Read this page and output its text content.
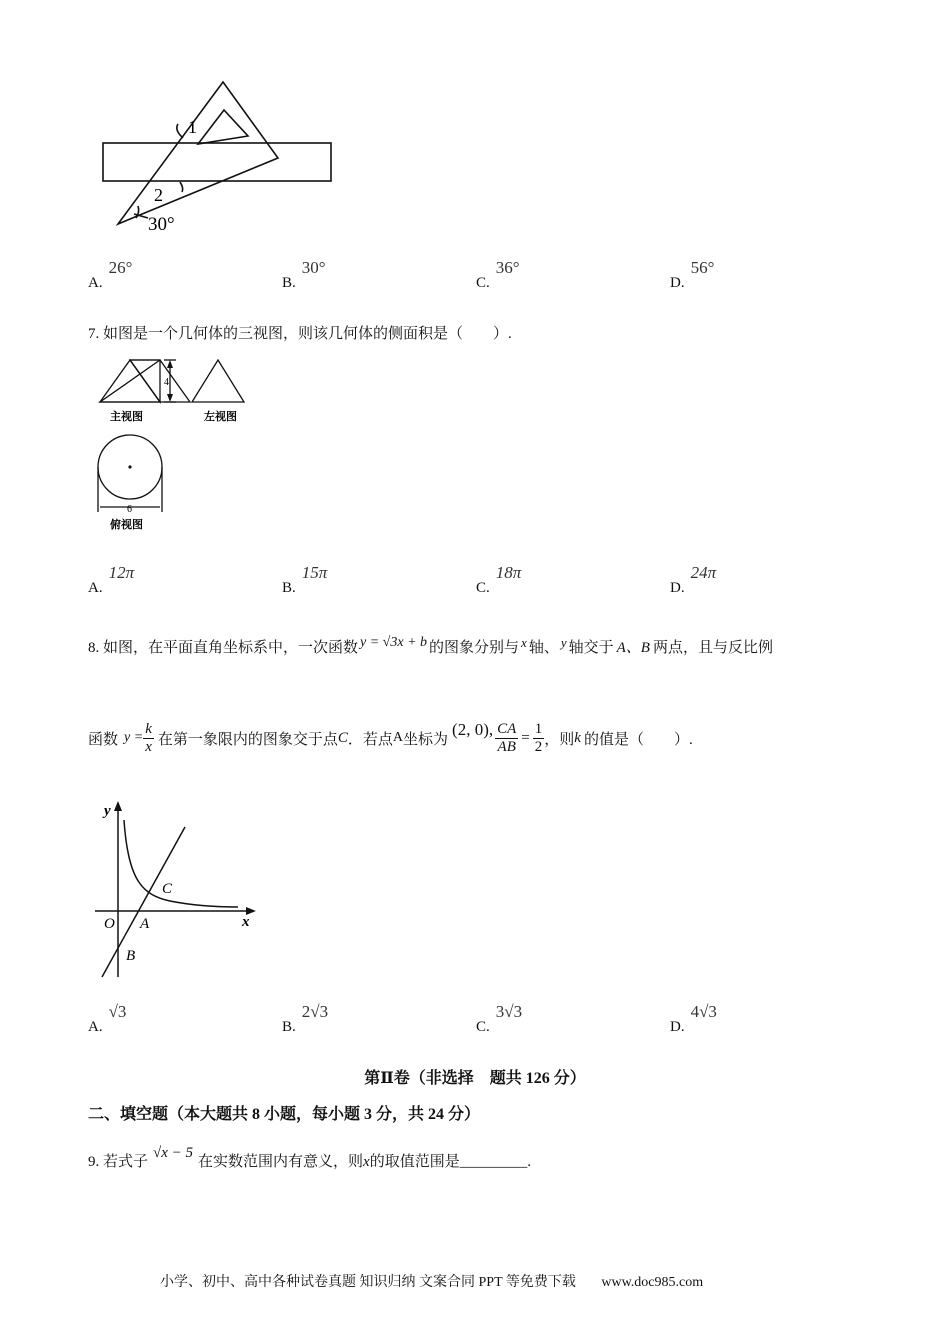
1
2
30°
A.26°
B.30°
C.36°
D.56°
7. 如图是一个几何体的三视图，则该几何体的侧面积是（　　）.
4
6
主视图	左视图
俯视图
A.12π
B.15π
C.18π
D.24π
8. 如图，在平面直角坐标系中，一次函数 y = √3x + b 的图象分别与 x 轴、 y 轴交于 A、B 两点，且与反比例
函数 $y = \frac{k}{x}$ 在第一象限内的图象交于点 C ．若点 A 坐标为
(2, 0), $\frac{CA}{AB} = \frac{1}{2}$ ，则 k 的值是（　　）.
y
x
O A
B
C
A.√3
B.2√3
C.3√3
D.4√3
第Ⅱ卷（非选择　题共 126 分）
二、填空题（本大题共 8 小题，每小题 3 分，共 24 分）
9. 若式子√x − 5在实数范围内有意义，则x的取值范围是_________.
小学、初中、高中各种试卷真题 知识归纳 文案合同 PPT 等免费下载 www.doc985.com
